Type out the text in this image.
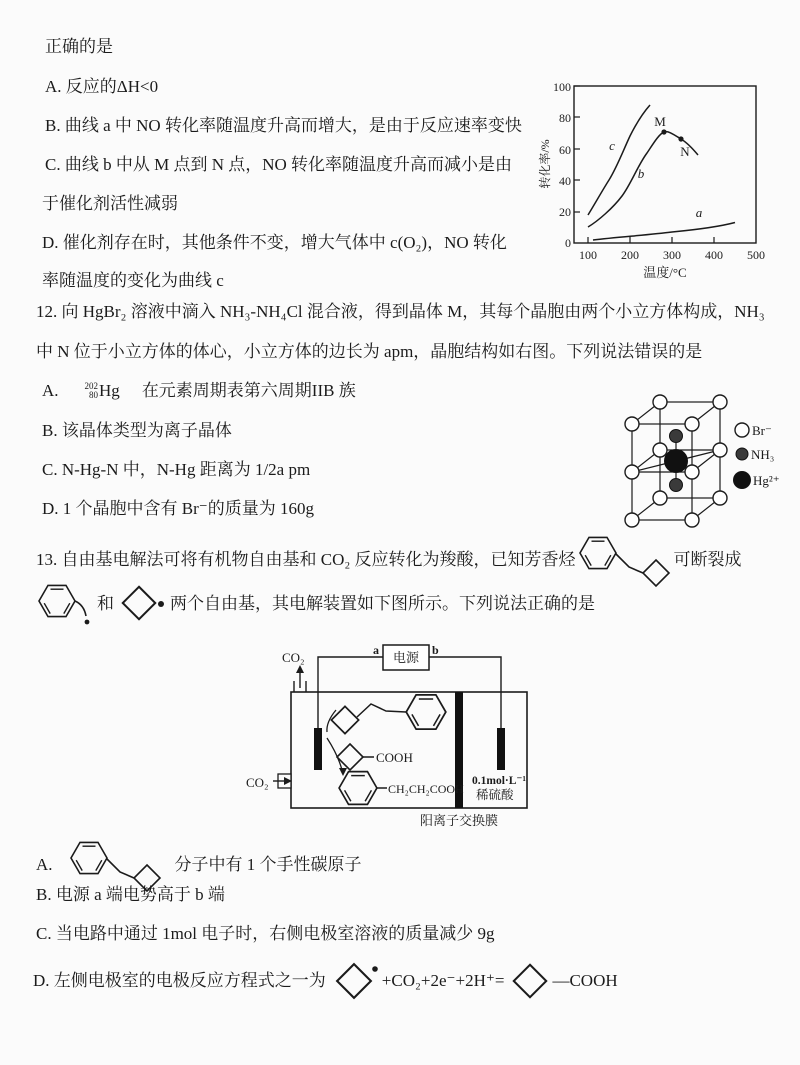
正确的是
A. 反应的ΔH<0
B. 曲线 a 中 NO 转化率随温度升高而增大，是由于反应速率变快
C. 曲线 b 中从 M 点到 N 点，NO 转化率随温度升高而减小是由
于催化剂活性减弱
D. 催化剂存在时，其他条件不变，增大气体中 c(O₂)，NO 转化
率随温度的变化为曲线 c
100
80
60
40
20
0
100 200 300 400 500
温度/°C
转化率/%
M
N
c
b
a
12. 向 HgBr₂ 溶液中滴入 NH₃-NH₄Cl 混合液，得到晶体 M，其每个晶胞由两个小立方体构成，NH₃
中 N 位于小立方体的体心，小立方体的边长为 apm，晶胞结构如右图。下列说法错误的是
A.	202
80 Hg 在元素周期表第六周期IIB 族
B. 该晶体类型为离子晶体
C. N-Hg-N 中，N-Hg 距离为 1/2a pm
D. 1 个晶胞中含有 Br⁻的质量为 160g
Br⁻
NH₃
Hg²⁺
13. 自由基电解法可将有机物自由基和 CO₂ 反应转化为羧酸，已知芳香烃	可断裂成
和	两个自由基，其电解装置如下图所示。下列说法正确的是
电源
a	b
CO₂
CO₂
阳离子交换膜
COOH
CH₂CH₂COOH
0.1mol·L⁻¹
稀硫酸
A.	分子中有 1 个手性碳原子
B. 电源 a 端电势高于 b 端
C. 当电路中通过 1mol 电子时，右侧电极室溶液的质量减少 9g
D. 左侧电极室的电极反应方程式之一为	+CO₂+2e⁻+2H⁺=	—COOH
